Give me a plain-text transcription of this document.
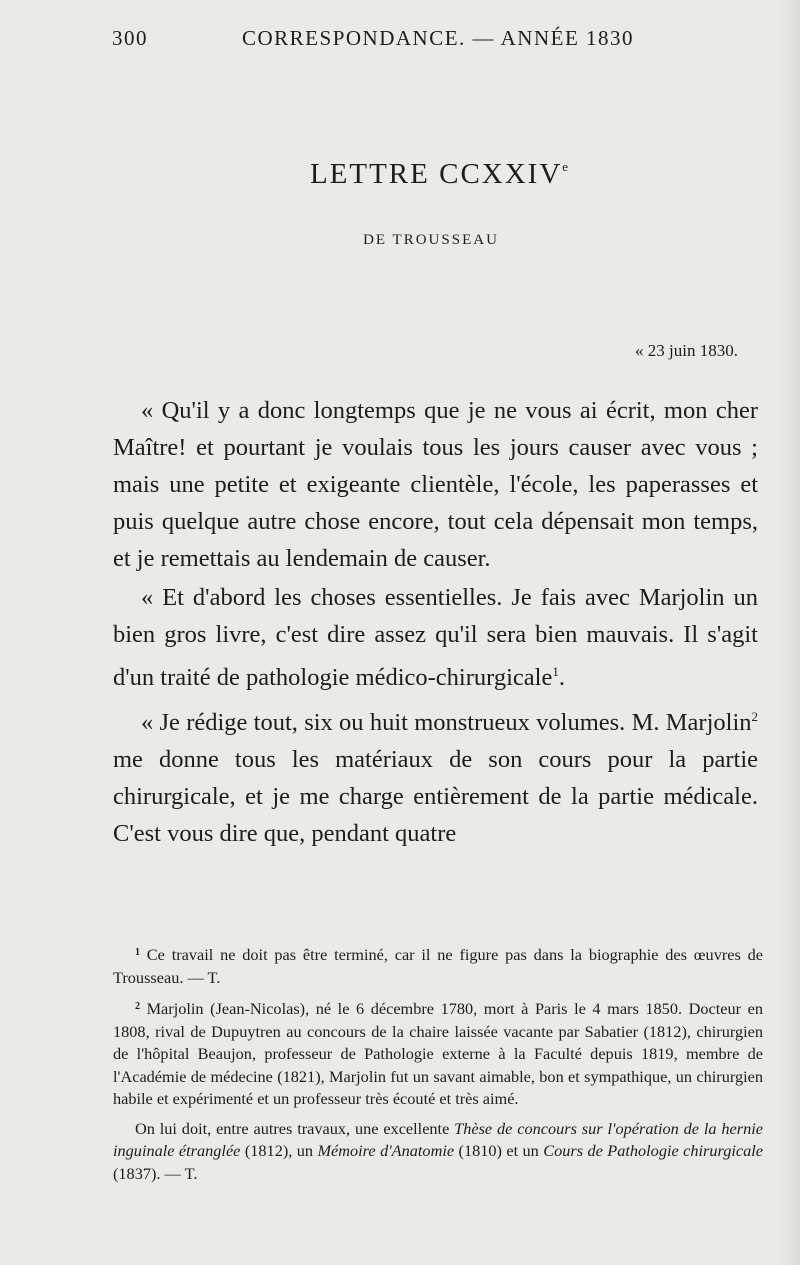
300	CORRESPONDANCE. — ANNÉE 1830
LETTRE CCXXIVe
DE TROUSSEAU
« 23 juin 1830.

« Qu'il y a donc longtemps que je ne vous ai écrit, mon cher Maître! et pourtant je voulais tous les jours causer avec vous ; mais une petite et exigeante clientèle, l'école, les paperasses et puis quelque autre chose encore, tout cela dépensait mon temps, et je remettais au lendemain de causer.

« Et d'abord les choses essentielles. Je fais avec Marjolin un bien gros livre, c'est dire assez qu'il sera bien mauvais. Il s'agit d'un traité de pathologie médico-chirurgicale$^1$.

« Je rédige tout, six ou huit monstrueux volumes. M. Marjolin$^2$ me donne tous les matériaux de son cours pour la partie chirurgicale, et je me charge entièrement de la partie médicale. C'est vous dire que, pendant quatre

$^1$ Ce travail ne doit pas être terminé, car il ne figure pas dans la biographie des œuvres de Trousseau. — T.

$^2$ Marjolin (Jean-Nicolas), né le 6 décembre 1780, mort à Paris le 4 mars 1850. Docteur en 1808, rival de Dupuytren au concours de la chaire laissée vacante par Sabatier (1812), chirurgien de l'hôpital Beaujon, professeur de Pathologie externe à la Faculté depuis 1819, membre de l'Académie de médecine (1821), Marjolin fut un savant aimable, bon et sympathique, un chirurgien habile et expérimenté et un professeur très écouté et très aimé.

On lui doit, entre autres travaux, une excellente Thèse de concours sur l'opération de la hernie inguinale étranglée (1812), un Mémoire d'Anatomie (1810) et un Cours de Pathologie chirurgicale (1837). — T.
